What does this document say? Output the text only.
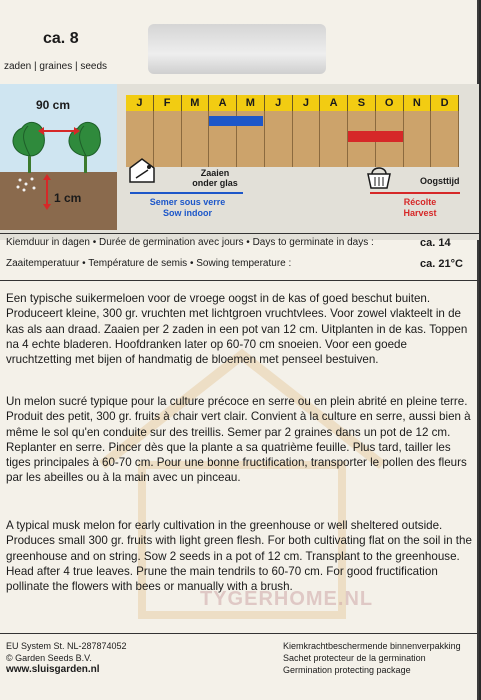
ca. 8
zaden | graines | seeds
90 cm
1 cm
J	F	M	A	M	J	J	A	S	O	N	D
Zaaien
onder glas
Semer sous verre
Sow indoor
Oogsttijd
Récolte
Harvest
Kiemduur in dagen • Durée de germination avec jours • Days to germinate in days :	ca. 14
Zaaitemperatuur • Température de semis • Sowing temperature :	ca. 21°C
Een typische suikermeloen voor de vroege oogst in de kas of goed beschut buiten. Produceert kleine, 300 gr. vruchten met lichtgroen vruchtvlees. Voor zowel vlakteelt in de kas als aan draad. Zaaien per 2 zaden in een pot van 12 cm. Uitplanten in de kas. Toppen na 4 echte bladeren. Hoofdranken later op 60-70 cm snoeien. Voor een goede vruchtzetting met bijen of handmatig de bloemen met penseel bestuiven.
Un melon sucré typique pour la culture précoce en serre ou en plein abrité en pleine terre. Produit des petit, 300 gr. fruits à chair vert clair. Convient à la culture en serre, aussi bien à même le sol qu'en conduite sur des treillis. Semer par 2 graines dans un pot de 12 cm. Replanter en serre. Pincer dès que la plante a sa quatrième feuille. Plus tard, tailler les tiges principales à 60-70 cm. Pour une bonne fructification, transporter le pollen des fleurs par les abeilles ou à la main avec un pinceau.
A typical musk melon for early cultivation in the greenhouse or well sheltered outside. Produces small 300 gr. fruits with light green flesh. For both cultivating flat on the soil in the greenhouse and on string. Sow 2 seeds in a pot of 12 cm. Transplant to the greenhouse. Head after 4 true leaves. Prune the main tendrils to 60-70 cm. For good fructification pollinate the flowers with bees or manually with a brush.
TYGERHOME.NL
EU System St. NL-287874052
© Garden Seeds B.V.
www.sluisgarden.nl
Kiemkrachtbeschermende binnenverpakking
Sachet protecteur de la germination
Germination protecting package
